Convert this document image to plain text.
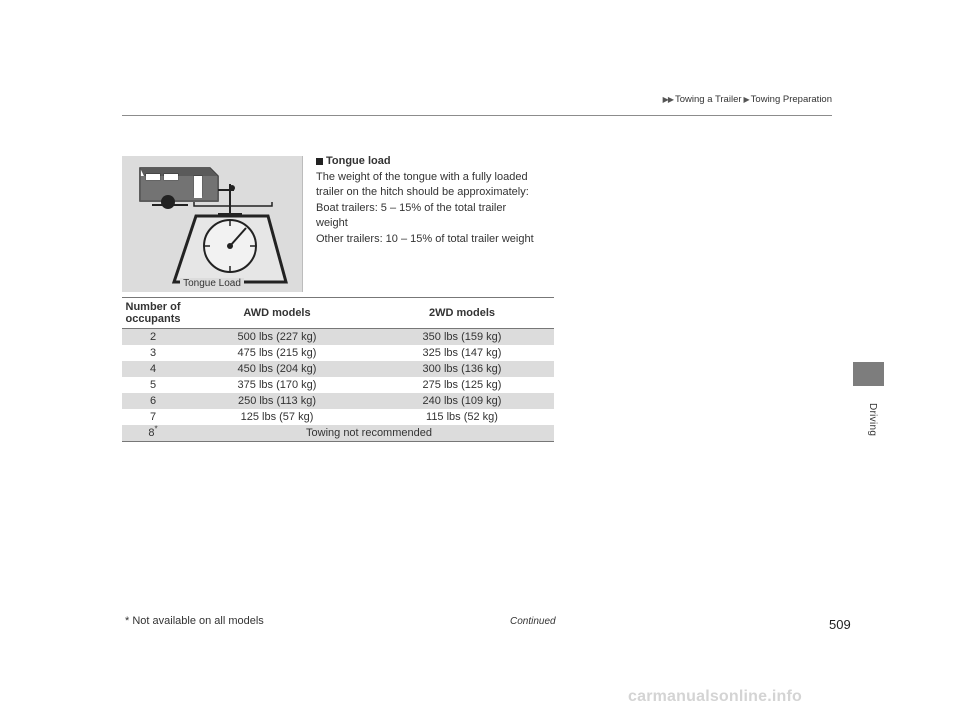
▶▶ Towing a Trailer ▶ Towing Preparation
Driving
Tongue Load
Tongue load
The weight of the tongue with a fully loaded
trailer on the hitch should be approximately:
Boat trailers: 5 – 15% of the total trailer
weight
Other trailers: 10 – 15% of total trailer weight
Number of occupants	AWD models	2WD models
2	500 lbs (227 kg)	350 lbs (159 kg)
3	475 lbs (215 kg)	325 lbs (147 kg)
4	450 lbs (204 kg)	300 lbs (136 kg)
5	375 lbs (170 kg)	275 lbs (125 kg)
6	250 lbs (113 kg)	240 lbs (109 kg)
7	125 lbs (57 kg)	115 lbs (52 kg)
8*	Towing not recommended	
* Not available on all models	Continued	509
carmanualsonline.info
